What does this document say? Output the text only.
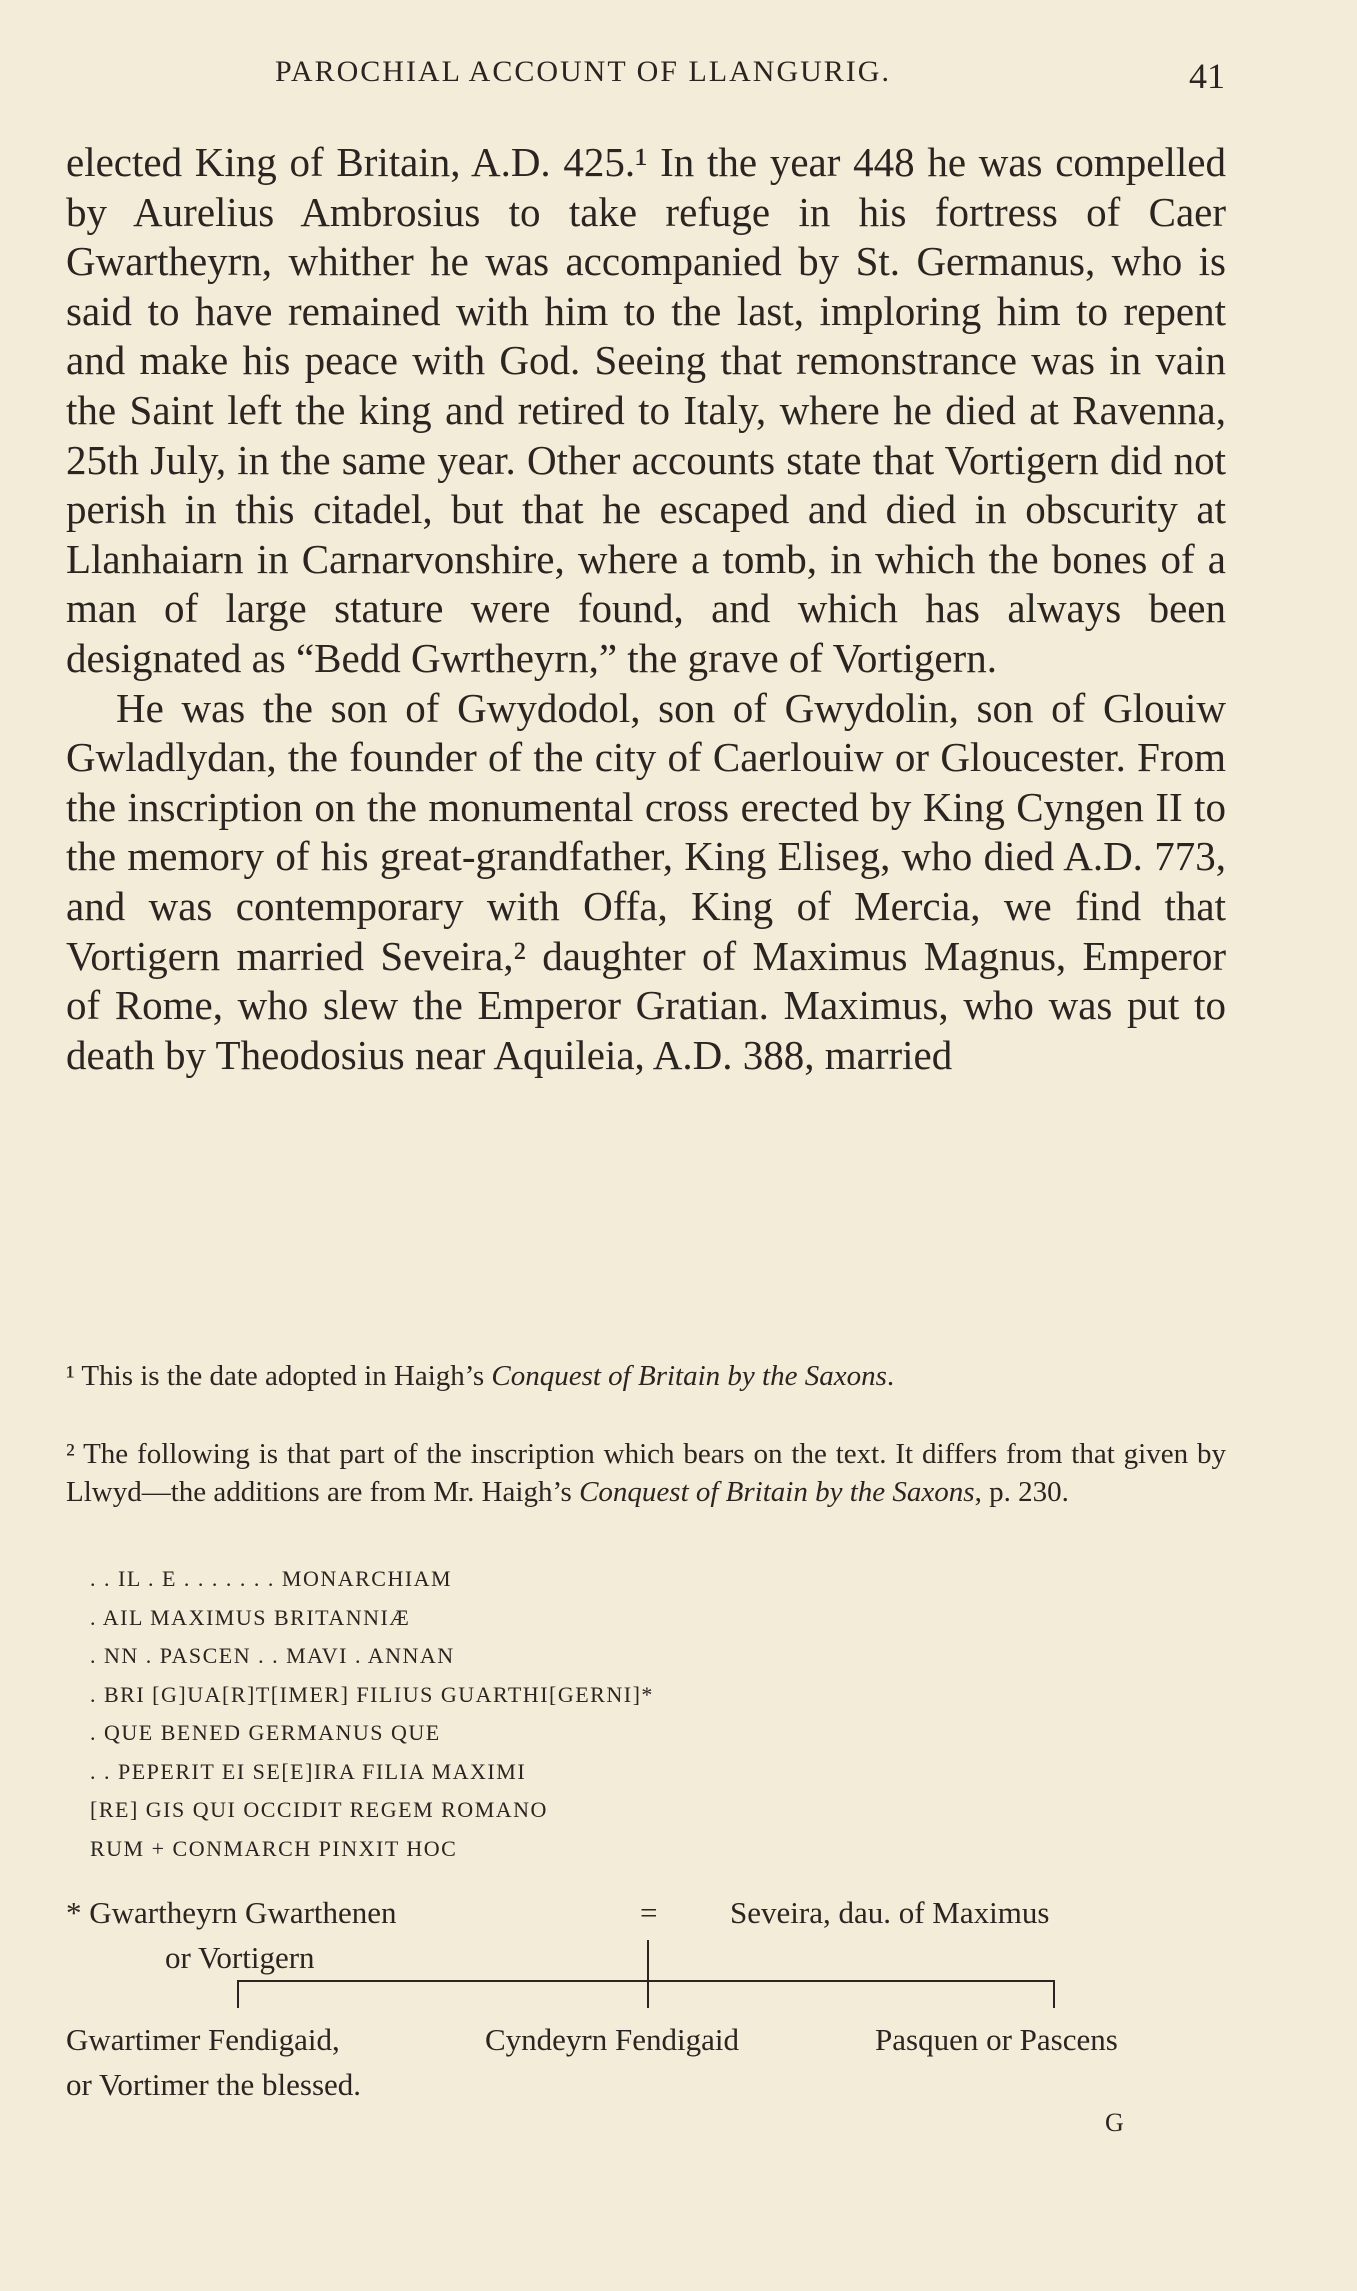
PAROCHIAL ACCOUNT OF LLANGURIG.	41

elected King of Britain, A.D. 425.¹ In the year 448 he was compelled by Aurelius Ambrosius to take refuge in his fortress of Caer Gwartheyrn, whither he was accompanied by St. Germanus, who is said to have remained with him to the last, imploring him to repent and make his peace with God. Seeing that remonstrance was in vain the Saint left the king and retired to Italy, where he died at Ravenna, 25th July, in the same year. Other accounts state that Vortigern did not perish in this citadel, but that he escaped and died in obscurity at Llanhaiarn in Carnarvonshire, where a tomb, in which the bones of a man of large stature were found, and which has always been designated as “Bedd Gwrtheyrn,” the grave of Vortigern.

He was the son of Gwydodol, son of Gwydolin, son of Glouiw Gwladlydan, the founder of the city of Caerlouiw or Gloucester. From the inscription on the monumental cross erected by King Cyngen II to the memory of his great-grandfather, King Eliseg, who died A.D. 773, and was contemporary with Offa, King of Mercia, we find that Vortigern married Seveira,² daughter of Maximus Magnus, Emperor of Rome, who slew the Emperor Gratian. Maximus, who was put to death by Theodosius near Aquileia, A.D. 388, married

¹ This is the date adopted in Haigh’s Conquest of Britain by the Saxons.
² The following is that part of the inscription which bears on the text. It differs from that given by Llwyd—the additions are from Mr. Haigh’s Conquest of Britain by the Saxons, p. 230.
. . IL . E . . . . . . . MONARCHIAM
. AIL MAXIMUS BRITANNIÆ
. NN . PASCEN . . MAVI . ANNAN
. BRI [G]UA[R]T[IMER] FILIUS GUARTHI[GERNI]*
. QUE BENED GERMANUS QUE
. . PEPERIT EI SE[E]IRA FILIA MAXIMI
[RE] GIS QUI OCCIDIT REGEM ROMANO
RUM + CONMARCH PINXIT HOC
* Gwartheyrn Gwarthenen
or Vortigern
= Seveira, dau. of Maximus
Gwartimer Fendigaid,
or Vortimer the blessed.
Cyndeyrn Fendigaid	Pasquen or Pascens
G
